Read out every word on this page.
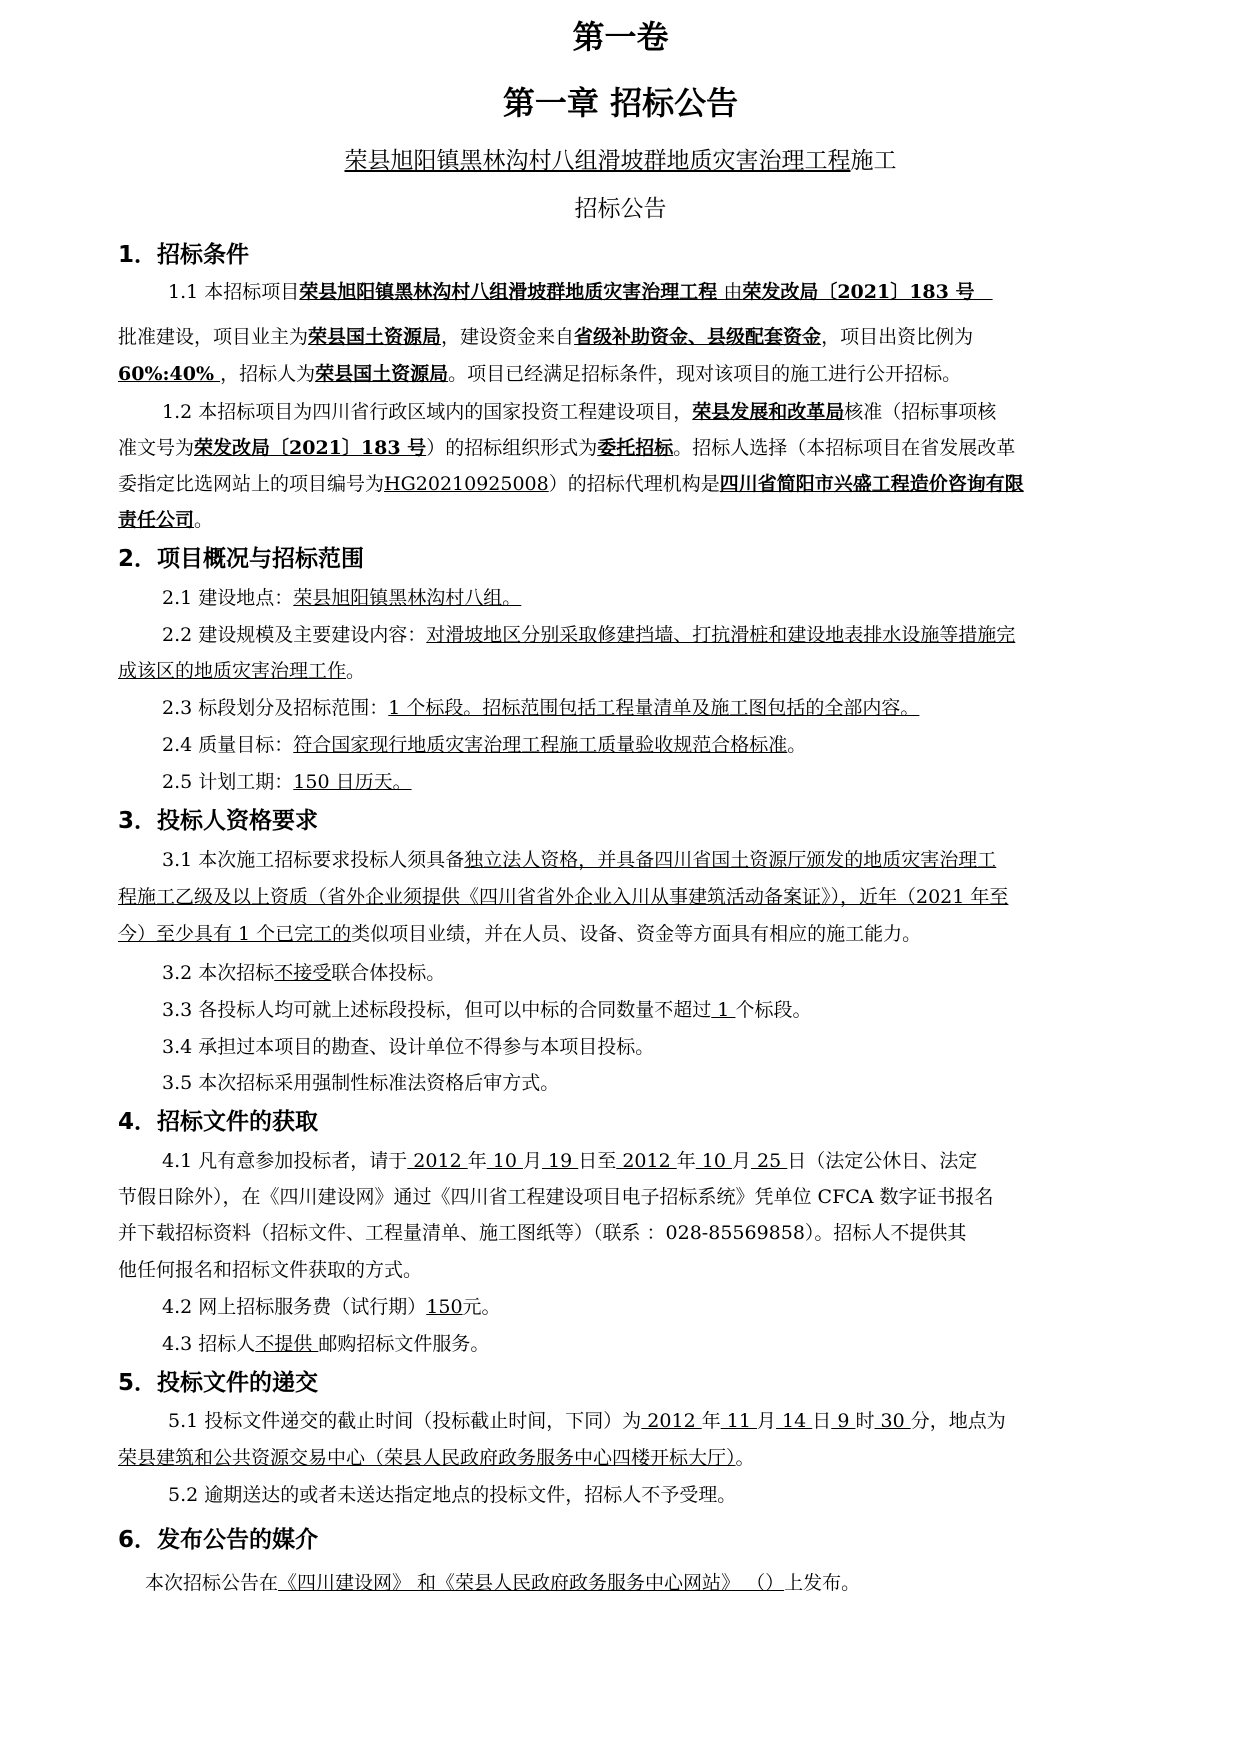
第一卷
第一章 招标公告
荣县旭阳镇黑林沟村八组滑坡群地质灾害治理工程施工
招标公告
1．招标条件
1.1 本招标项目荣县旭阳镇黑林沟村八组滑坡群地质灾害治理工程 由荣发改局〔2021〕183 号
批准建设，项目业主为荣县国土资源局，建设资金来自省级补助资金、县级配套资金，项目出资比例为
60%:40% ，招标人为荣县国土资源局。项目已经满足招标条件，现对该项目的施工进行公开招标。
1.2 本招标项目为四川省行政区域内的国家投资工程建设项目，荣县发展和改革局核准（招标事项核
准文号为荣发改局〔2021〕183 号）的招标组织形式为委托招标。招标人选择（本招标项目在省发展改革
委指定比选网站上的项目编号为HG20210925008）的招标代理机构是四川省简阳市兴盛工程造价咨询有限
责任公司。
2．项目概况与招标范围
2.1 建设地点：荣县旭阳镇黑林沟村八组。
2.2 建设规模及主要建设内容：对滑坡地区分别采取修建挡墙、打抗滑桩和建设地表排水设施等措施完
成该区的地质灾害治理工作。
2.3 标段划分及招标范围：1 个标段。招标范围包括工程量清单及施工图包括的全部内容。
2.4 质量目标：符合国家现行地质灾害治理工程施工质量验收规范合格标准。
2.5 计划工期：150 日历天。
3．投标人资格要求
3.1 本次施工招标要求投标人须具备独立法人资格，并具备四川省国土资源厅颁发的地质灾害治理工
程施工乙级及以上资质（省外企业须提供《四川省省外企业入川从事建筑活动备案证》），近年（2021 年至
今）至少具有 1 个已完工的类似项目业绩，并在人员、设备、资金等方面具有相应的施工能力。
3.2 本次招标不接受联合体投标。
3.3 各投标人均可就上述标段投标，但可以中标的合同数量不超过 1 个标段。
3.4 承担过本项目的勘查、设计单位不得参与本项目投标。
3.5 本次招标采用强制性标准法资格后审方式。
4．招标文件的获取
4.1 凡有意参加投标者，请于 2012 年 10 月 19 日至 2012 年 10 月 25 日（法定公休日、法定
节假日除外），在《四川建设网》通过《四川省工程建设项目电子招标系统》凭单位 CFCA 数字证书报名
并下载招标资料（招标文件、工程量清单、施工图纸等）（联系 ：028-85569858）。招标人不提供其
他任何报名和招标文件获取的方式。
4.2 网上招标服务费（试行期）150元。
4.3 招标人不提供 邮购招标文件服务。
5．投标文件的递交
5.1 投标文件递交的截止时间（投标截止时间，下同）为 2012 年 11 月 14 日 9 时 30 分，地点为
荣县建筑和公共资源交易中心（荣县人民政府政务服务中心四楼开标大厅）。
5.2 逾期送达的或者未送达指定地点的投标文件，招标人不予受理。
6．发布公告的媒介
本次招标公告在《四川建设网》 和《荣县人民政府政务服务中心网站》 （）上发布。
